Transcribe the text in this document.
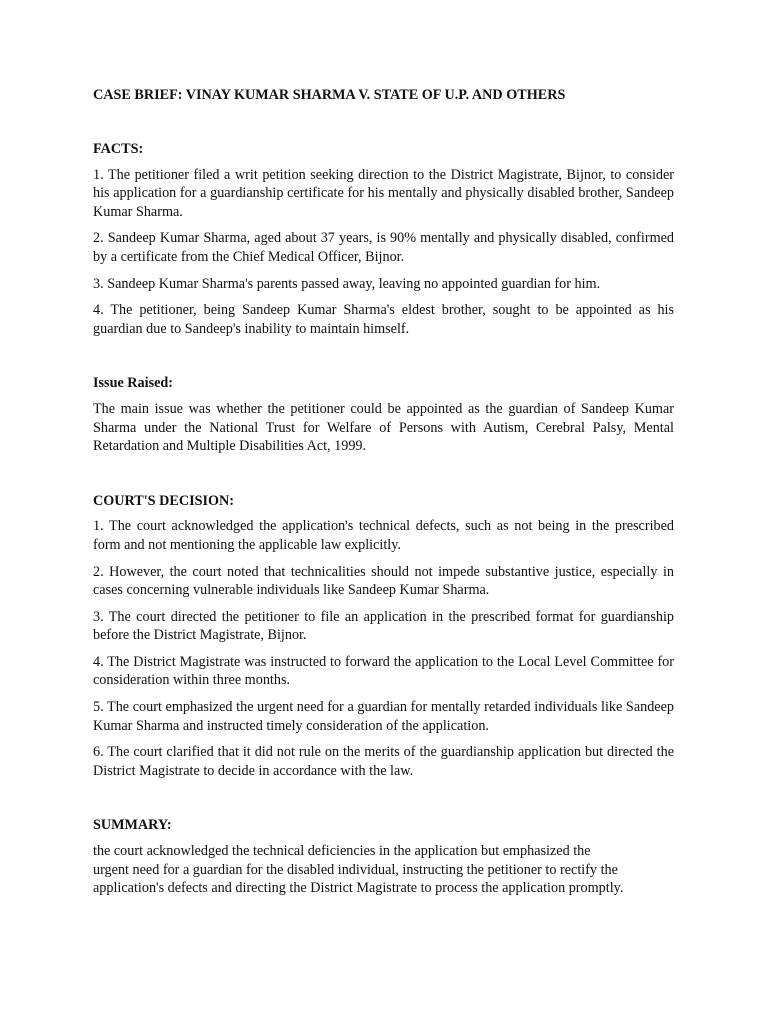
CASE BRIEF: VINAY KUMAR SHARMA V. STATE OF U.P. AND OTHERS

FACTS:

1. The petitioner filed a writ petition seeking direction to the District Magistrate, Bijnor, to consider his application for a guardianship certificate for his mentally and physically disabled brother, Sandeep Kumar Sharma.

2. Sandeep Kumar Sharma, aged about 37 years, is 90% mentally and physically disabled, confirmed by a certificate from the Chief Medical Officer, Bijnor.

3. Sandeep Kumar Sharma's parents passed away, leaving no appointed guardian for him.

4. The petitioner, being Sandeep Kumar Sharma's eldest brother, sought to be appointed as his guardian due to Sandeep's inability to maintain himself.

Issue Raised:

The main issue was whether the petitioner could be appointed as the guardian of Sandeep Kumar Sharma under the National Trust for Welfare of Persons with Autism, Cerebral Palsy, Mental Retardation and Multiple Disabilities Act, 1999.

COURT'S DECISION:

1. The court acknowledged the application's technical defects, such as not being in the prescribed form and not mentioning the applicable law explicitly.

2. However, the court noted that technicalities should not impede substantive justice, especially in cases concerning vulnerable individuals like Sandeep Kumar Sharma.

3. The court directed the petitioner to file an application in the prescribed format for guardianship before the District Magistrate, Bijnor.

4. The District Magistrate was instructed to forward the application to the Local Level Committee for consideration within three months.

5. The court emphasized the urgent need for a guardian for mentally retarded individuals like Sandeep Kumar Sharma and instructed timely consideration of the application.

6. The court clarified that it did not rule on the merits of the guardianship application but directed the District Magistrate to decide in accordance with the law.

SUMMARY:

the court acknowledged the technical deficiencies in the application but emphasized the
urgent need for a guardian for the disabled individual, instructing the petitioner to rectify the
application's defects and directing the District Magistrate to process the application promptly.
